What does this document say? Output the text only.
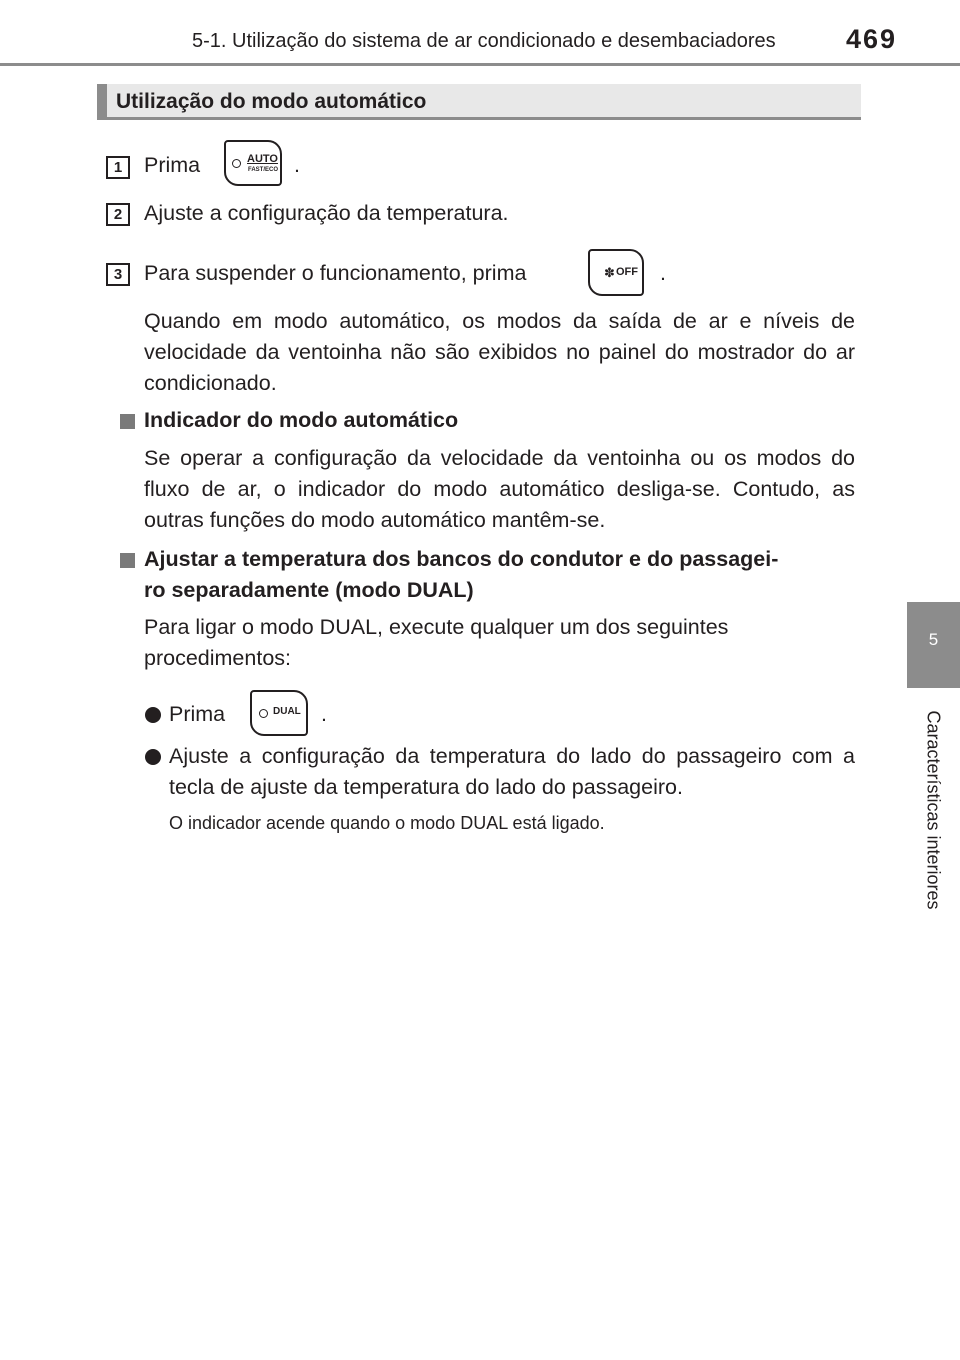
5-1. Utilização do sistema de ar condicionado e desembaciadores	469
Utilização do modo automático
1	Prima	AUTO
FAST/ECO .
2	Ajuste a configuração da temperatura.
3	Para suspender o funcionamento, prima	✽ OFF .
Quando em modo automático, os modos da saída de ar e níveis de velocidade da ventoinha não são exibidos no painel do mostrador do ar condicionado.
Indicador do modo automático
Se operar a configuração da velocidade da ventoinha ou os modos do fluxo de ar, o indicador do modo automático desliga-se. Contudo, as outras funções do modo automático mantêm-se.
Ajustar a temperatura dos bancos do condutor e do passagei-
ro separadamente (modo DUAL)
Para ligar o modo DUAL, execute qualquer um dos seguintes
procedimentos:
Prima	DUAL .
Ajuste a configuração da temperatura do lado do passageiro com a tecla de ajuste da temperatura do lado do passageiro.
O indicador acende quando o modo DUAL está ligado.
5
Características interiores
